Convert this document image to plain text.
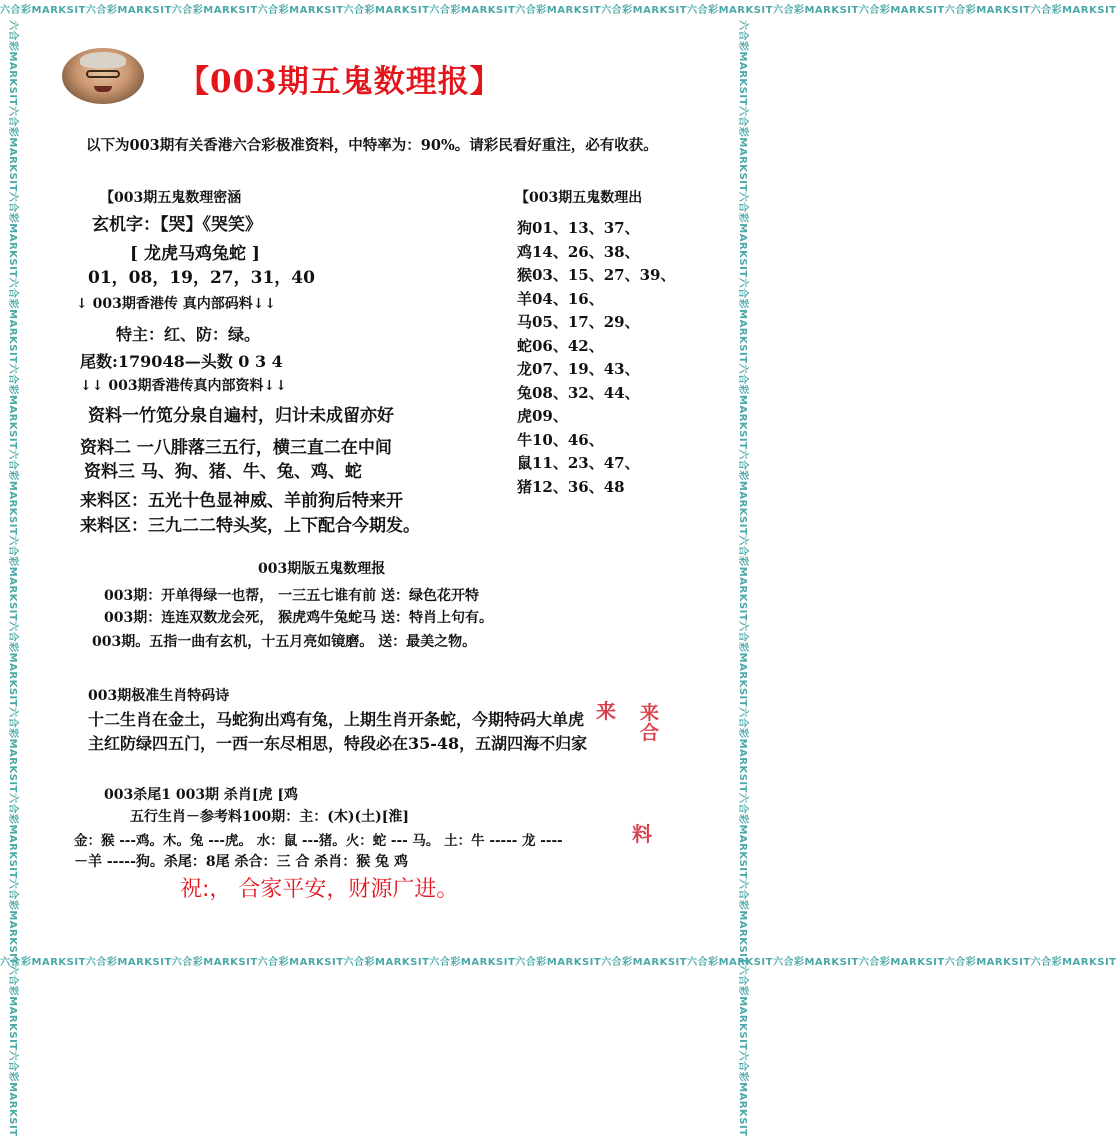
六合彩MARKSIT六合彩MARKSIT六合彩MARKSIT六合彩MARKSIT六合彩MARKSIT六合彩MARKSIT六合彩MARKSIT六合彩MARKSIT六合彩MARKSIT六合彩MARKSIT六合彩MARKSIT六合彩MARKSIT六合彩MARKSIT
六合彩MARKSIT六合彩MARKSIT六合彩MARKSIT六合彩MARKSIT六合彩MARKSIT六合彩MARKSIT六合彩MARKSIT六合彩MARKSIT六合彩MARKSIT六合彩MARKSIT六合彩MARKSIT六合彩MARKSIT六合彩MARKSIT
六合彩MARKSIT六合彩MARKSIT六合彩MARKSIT六合彩MARKSIT六合彩MARKSIT六合彩MARKSIT六合彩MARKSIT六合彩MARKSIT六合彩MARKSIT六合彩MARKSIT六合彩MARKSIT六合彩MARKSIT六合彩MARKSIT	六合彩MARKSIT六合彩MARKSIT六合彩MARKSIT六合彩MARKSIT六合彩MARKSIT六合彩MARKSIT六合彩MARKSIT六合彩MARKSIT六合彩MARKSIT六合彩MARKSIT六合彩MARKSIT六合彩MARKSIT六合彩MARKSIT
【003期五鬼数理报】
以下为003期有关香港六合彩极准资料，中特率为：90%。请彩民看好重注，必有收获。
【003期五鬼数理密涵
玄机字：【哭】《哭笑》
[ 龙虎马鸡兔蛇 ]
01，08，19，27，31，40
↓ 003期香港传 真内部码料↓↓
特主：红、防：绿。
尾数:179048—头数 0 3 4
↓↓ 003期香港传真内部资料↓↓
资料一竹笕分泉自遍村，归计未成留亦好
资料二 一八腓落三五行，横三直二在中间
资料三 马、狗、猪、牛、兔、鸡、蛇
来料区：五光十色显神威、羊前狗后特来开
来料区：三九二二特头奖，上下配合今期发。
【003期五鬼数理出
狗01、13、37、
鸡14、26、38、
猴03、15、27、39、
羊04、16、
马05、17、29、
蛇06、42、
龙07、19、43、
兔08、32、44、
虎09、
牛10、46、
鼠11、23、47、
猪12、36、48
003期版五鬼数理报
003期：开单得绿一也帮， 一三五七谁有前 送：绿色花开特
003期：连连双数龙会死， 猴虎鸡牛兔蛇马 送：特肖上句有。
003期。五指一曲有玄机，十五月亮如镜磨。 送：最美之物。
003期极准生肖特码诗
十二生肖在金土，马蛇狗出鸡有兔，上期生肖开条蛇，今期特码大单虎
主红防绿四五门，一西一东尽相思，特段必在35-48，五湖四海不归家
来 来合
003杀尾1 003期 杀肖[虎 [鸡
五行生肖－参考料100期：主：(木)(土)[淮]
金：猴 ---鸡。木。兔 ---虎。 水：鼠 ---猪。火：蛇 --- 马。 土：牛 ----- 龙 ----
－羊 -----狗。杀尾：8尾 杀合：三 合 杀肖：猴 兔 鸡
料
祝:， 合家平安，财源广进。
